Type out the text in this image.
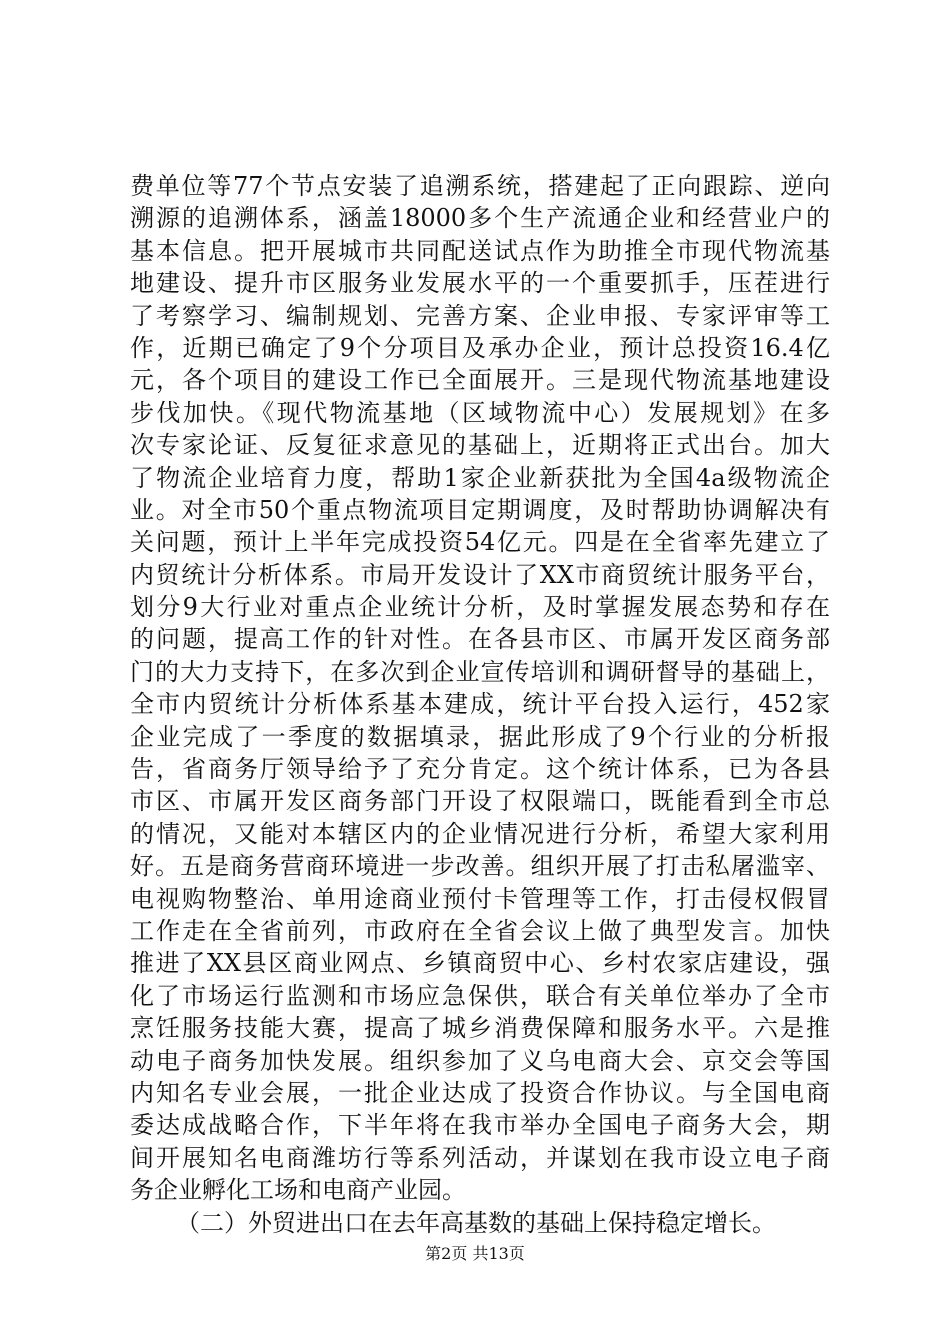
费单位等77个节点安装了追溯系统，搭建起了正向跟踪、逆向
溯源的追溯体系，涵盖18000多个生产流通企业和经营业户的
基本信息。把开展城市共同配送试点作为助推全市现代物流基
地建设、提升市区服务业发展水平的一个重要抓手，压茬进行
了考察学习、编制规划、完善方案、企业申报、专家评审等工
作，近期已确定了9个分项目及承办企业，预计总投资16.4亿
元，各个项目的建设工作已全面展开。三是现代物流基地建设
步伐加快。《现代物流基地（区域物流中心）发展规划》在多
次专家论证、反复征求意见的基础上，近期将正式出台。加大
了物流企业培育力度，帮助1家企业新获批为全国4a级物流企
业。对全市50个重点物流项目定期调度，及时帮助协调解决有
关问题，预计上半年完成投资54亿元。四是在全省率先建立了
内贸统计分析体系。市局开发设计了XX市商贸统计服务平台，
划分9大行业对重点企业统计分析，及时掌握发展态势和存在
的问题，提高工作的针对性。在各县市区、市属开发区商务部
门的大力支持下，在多次到企业宣传培训和调研督导的基础上，
全市内贸统计分析体系基本建成，统计平台投入运行，452家
企业完成了一季度的数据填录，据此形成了9个行业的分析报
告，省商务厅领导给予了充分肯定。这个统计体系，已为各县
市区、市属开发区商务部门开设了权限端口，既能看到全市总
的情况，又能对本辖区内的企业情况进行分析，希望大家利用
好。五是商务营商环境进一步改善。组织开展了打击私屠滥宰、
电视购物整治、单用途商业预付卡管理等工作，打击侵权假冒
工作走在全省前列，市政府在全省会议上做了典型发言。加快
推进了XX县区商业网点、乡镇商贸中心、乡村农家店建设，强
化了市场运行监测和市场应急保供，联合有关单位举办了全市
烹饪服务技能大赛，提高了城乡消费保障和服务水平。六是推
动电子商务加快发展。组织参加了义乌电商大会、京交会等国
内知名专业会展，一批企业达成了投资合作协议。与全国电商
委达成战略合作，下半年将在我市举办全国电子商务大会，期
间开展知名电商潍坊行等系列活动，并谋划在我市设立电子商
务企业孵化工场和电商产业园。
（二）外贸进出口在去年高基数的基础上保持稳定增长。
第2页 共13页
